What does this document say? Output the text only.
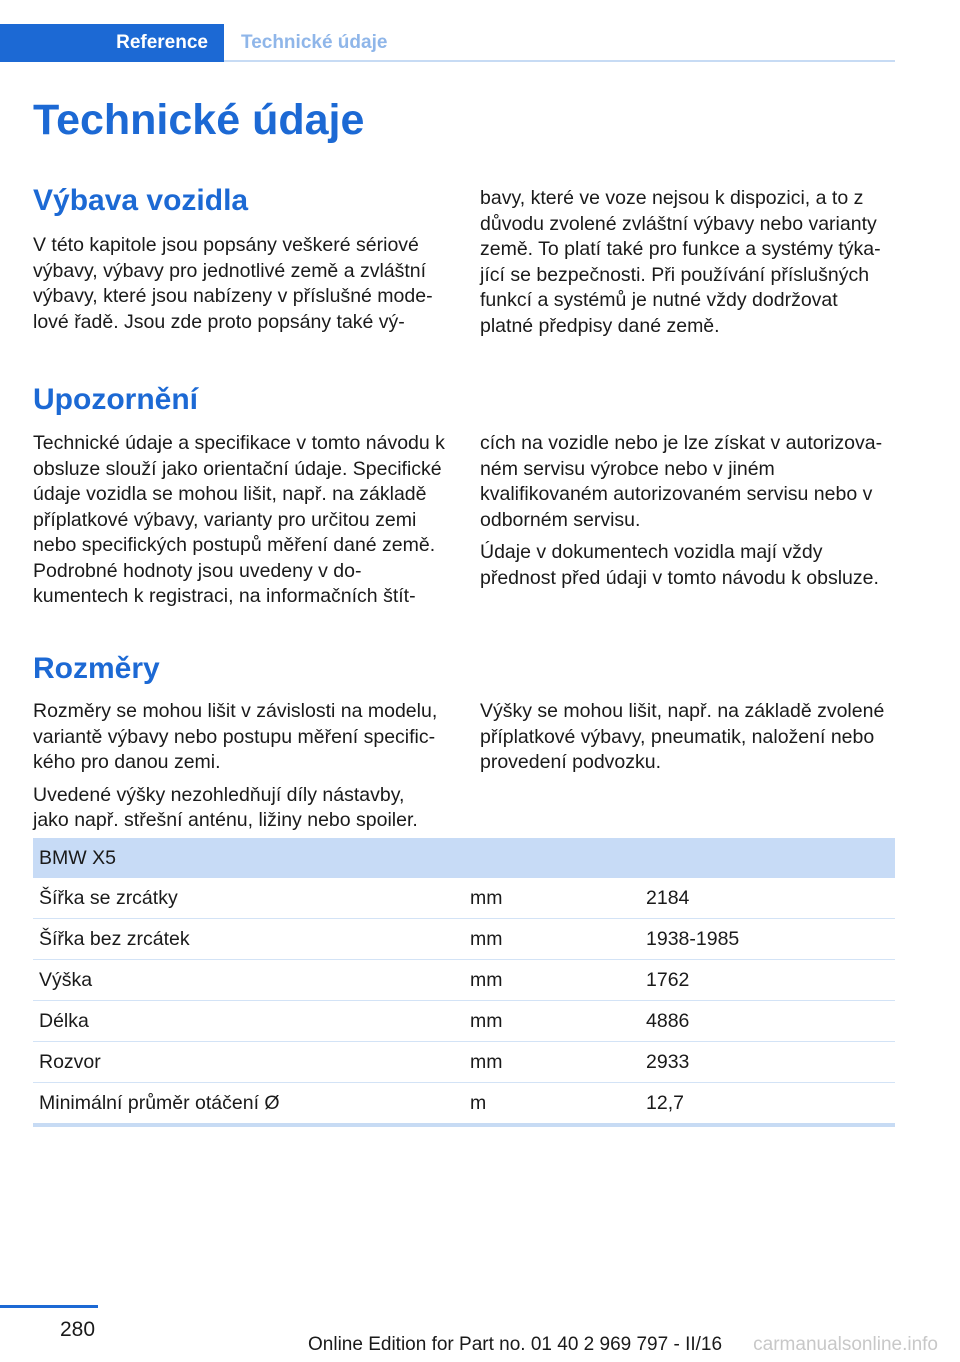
Reference Technické údaje
Technické údaje
Výbava vozidla

V této kapitole jsou popsány veškeré sériové výbavy, výbavy pro jednotlivé země a zvláštní výbavy, které jsou nabízeny v příslušné modelové řadě. Jsou zde proto popsány také vý‐

bavy, které ve voze nejsou k dispozici, a to z důvodu zvolené zvláštní výbavy nebo varianty země. To platí také pro funkce a systémy týkající se bezpečnosti. Při používání příslušných funkcí a systémů je nutné vždy dodržovat platné předpisy dané země.

Upozornění

Technické údaje a specifikace v tomto návodu k obsluze slouží jako orientační údaje. Specifické údaje vozidla se mohou lišit, např. na základě příplatkové výbavy, varianty pro určitou zemi nebo specifických postupů měření dané země. Podrobné hodnoty jsou uvedeny v dokumentech k registraci, na informačních štít‐

cích na vozidle nebo je lze získat v autorizovaném servisu výrobce nebo v jiném kvalifikovaném autorizovaném servisu nebo v odborném servisu.

Údaje v dokumentech vozidla mají vždy přednost před údaji v tomto návodu k obsluze.

Rozměry

Rozměry se mohou lišit v závislosti na modelu, variantě výbavy nebo postupu měření specifického pro danou zemi.

Uvedené výšky nezohledňují díly nástavby, jako např. střešní anténu, ližiny nebo spoiler.

Výšky se mohou lišit, např. na základě zvolené příplatkové výbavy, pneumatik, naložení nebo provedení podvozku.

BMW X5		
Šířka se zrcátky	mm	2184
Šířka bez zrcátek	mm	1938-1985
Výška	mm	1762
Délka	mm	4886
Rozvor	mm	2933
Minimální průměr otáčení Ø	m	12,7
280
Online Edition for Part no. 01 40 2 969 797 - II/16 carmanualsonline.info
